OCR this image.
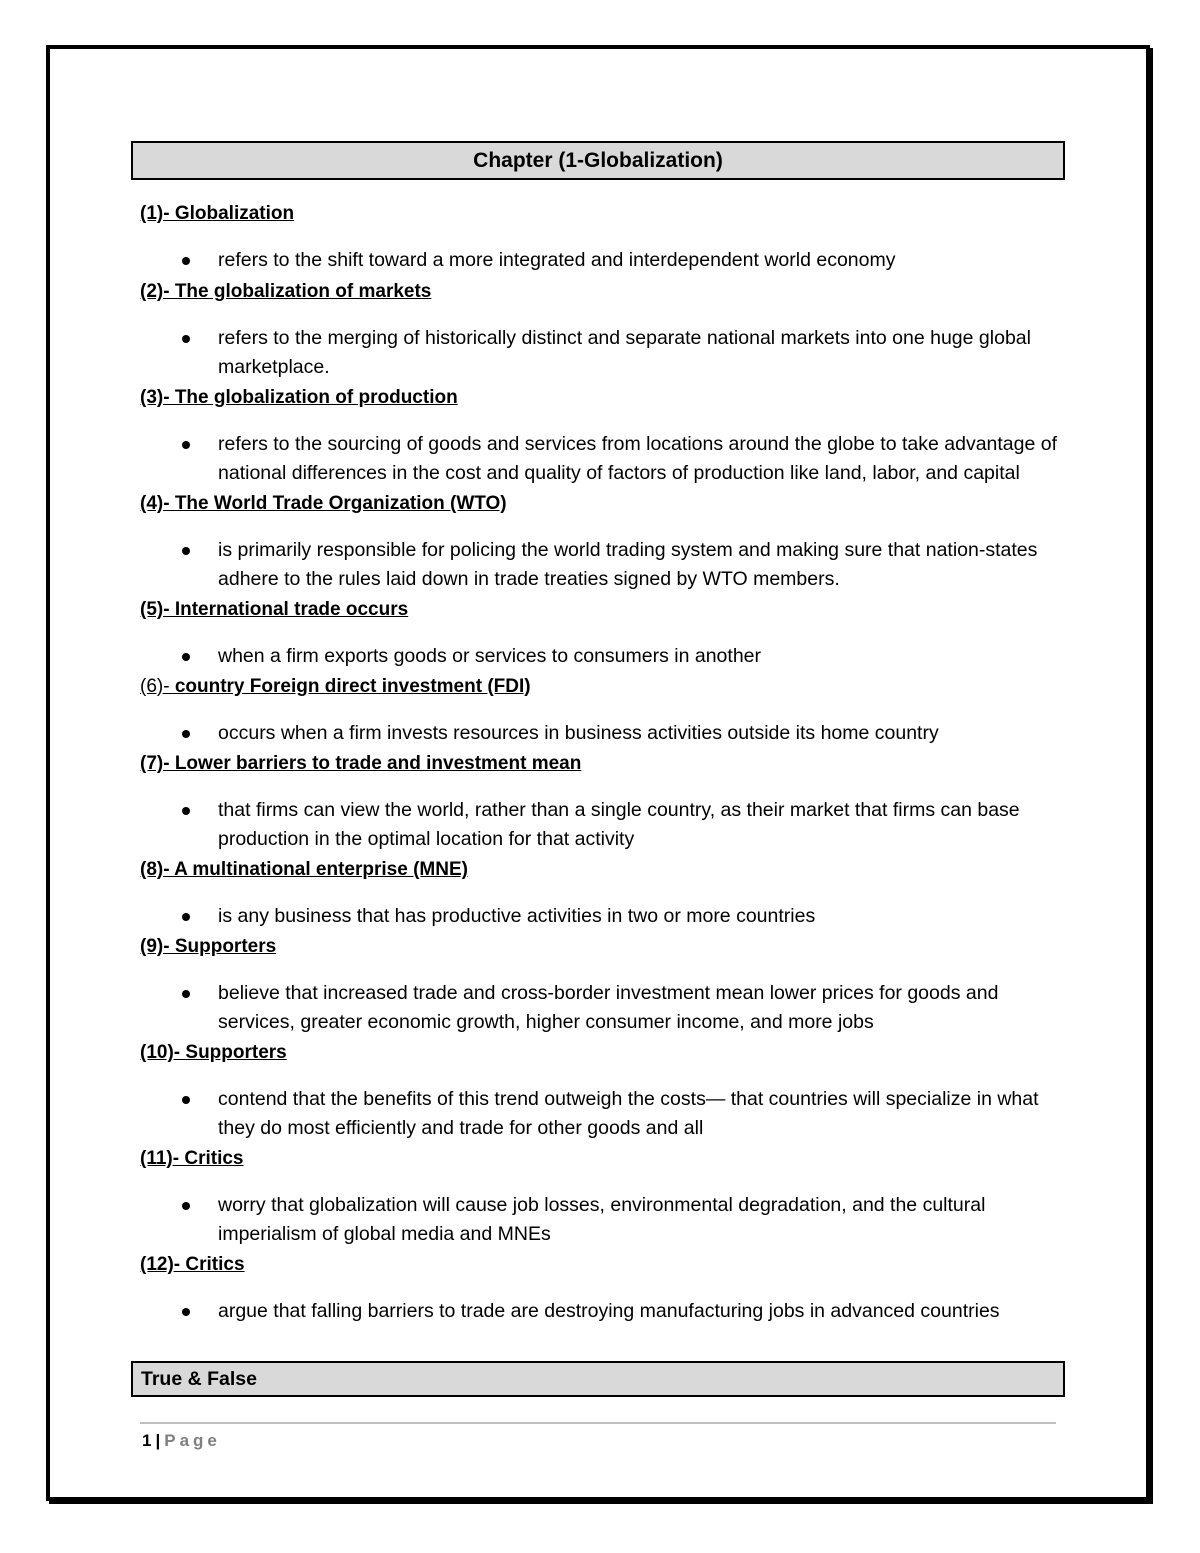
Chapter (1-Globalization)
(1)- Globalization
refers to the shift toward a more integrated and interdependent world economy
(2)- The globalization of markets
refers to the merging of historically distinct and separate national markets into one huge global marketplace.
(3)- The globalization of production
refers to the sourcing of goods and services from locations around the globe to take advantage of national differences in the cost and quality of factors of production like land, labor, and capital
(4)- The World Trade Organization (WTO)
is primarily responsible for policing the world trading system and making sure that nation-states adhere to the rules laid down in trade treaties signed by WTO members.
(5)- International trade occurs
when a firm exports goods or services to consumers in another
(6)- country Foreign direct investment (FDI)
occurs when a firm invests resources in business activities outside its home country
(7)- Lower barriers to trade and investment mean
that firms can view the world, rather than a single country, as their market that firms can base production in the optimal location for that activity
(8)- A multinational enterprise (MNE)
is any business that has productive activities in two or more countries
(9)- Supporters
believe that increased trade and cross-border investment mean lower prices for goods and services, greater economic growth, higher consumer income, and more jobs
(10)- Supporters
contend that the benefits of this trend outweigh the costs— that countries will specialize in what they do most efficiently and trade for other goods and all
(11)- Critics
worry that globalization will cause job losses, environmental degradation, and the cultural imperialism of global media and MNEs
(12)- Critics
argue that falling barriers to trade are destroying manufacturing jobs in advanced countries
True & False
1 | Page
